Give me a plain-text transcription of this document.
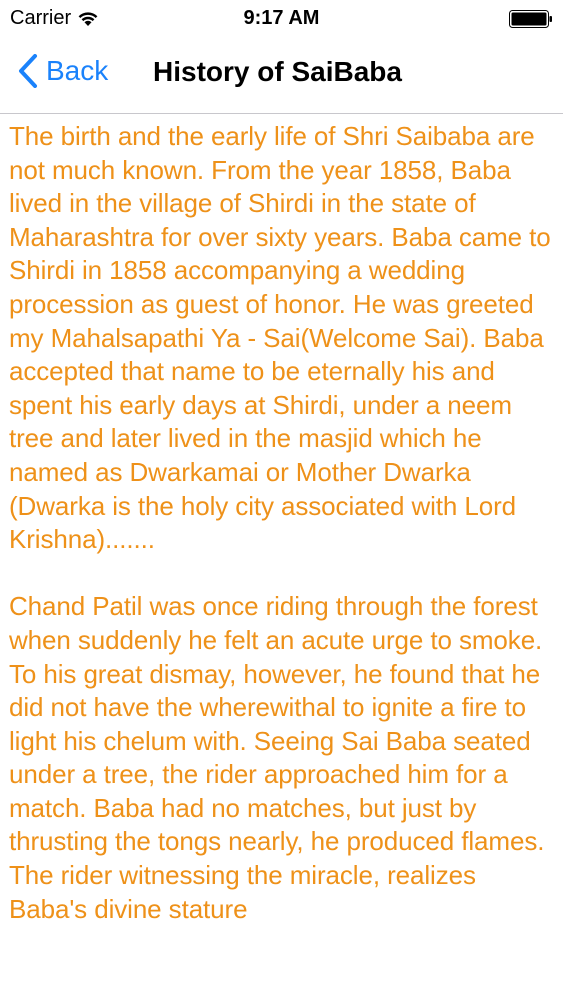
Carrier	9:17 AM
Back History of SaiBaba

The birth and the early life of Shri Saibaba are not much known. From the year 1858, Baba lived in the village of Shirdi in the state of Maharashtra for over sixty years. Baba came to Shirdi in 1858 accompanying a wedding procession as guest of honor. He was greeted my Mahalsapathi Ya - Sai(Welcome Sai). Baba accepted that name to be eternally his and spent his early days at Shirdi, under a neem tree and later lived in the masjid which he named as Dwarkamai or Mother Dwarka (Dwarka is the holy city associated with Lord Krishna).......

Chand Patil was once riding through the forest when suddenly he felt an acute urge to smoke. To his great dismay, however, he found that he did not have the wherewithal to ignite a fire to light his chelum with. Seeing Sai Baba seated under a tree, the rider approached him for a match. Baba had no matches, but just by thrusting the tongs nearly, he produced flames. The rider witnessing the miracle, realizes Baba's divine stature
